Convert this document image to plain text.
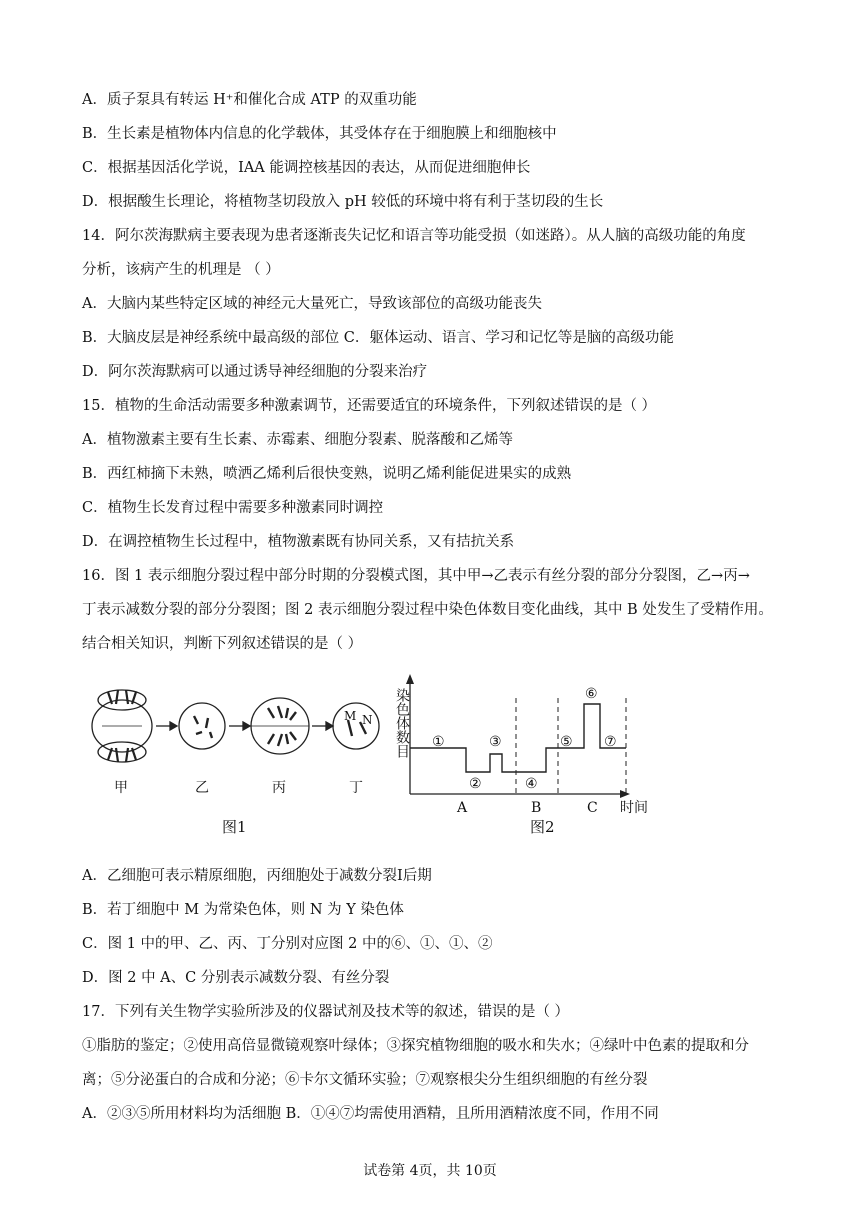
A．质子泵具有转运 H⁺和催化合成 ATP 的双重功能
B．生长素是植物体内信息的化学载体，其受体存在于细胞膜上和细胞核中
C．根据基因活化学说，IAA 能调控核基因的表达，从而促进细胞伸长
D．根据酸生长理论，将植物茎切段放入 pH 较低的环境中将有利于茎切段的生长
14．阿尔茨海默病主要表现为患者逐渐丧失记忆和语言等功能受损（如迷路）。从人脑的高级功能的角度
分析，该病产生的机理是 （ ）
A．大脑内某些特定区域的神经元大量死亡，导致该部位的高级功能丧失
B．大脑皮层是神经系统中最高级的部位 C．躯体运动、语言、学习和记忆等是脑的高级功能
D．阿尔茨海默病可以通过诱导神经细胞的分裂来治疗
15．植物的生命活动需要多种激素调节，还需要适宜的环境条件，下列叙述错误的是（ ）
A．植物激素主要有生长素、赤霉素、细胞分裂素、脱落酸和乙烯等
B．西红柿摘下未熟，喷洒乙烯利后很快变熟，说明乙烯利能促进果实的成熟
C．植物生长发育过程中需要多种激素同时调控
D．在调控植物生长过程中，植物激素既有协同关系，又有拮抗关系
16．图 1 表示细胞分裂过程中部分时期的分裂模式图，其中甲→乙表示有丝分裂的部分分裂图，乙→丙→
丁表示减数分裂的部分分裂图；图 2 表示细胞分裂过程中染色体数目变化曲线，其中 B 处发生了受精作用。
结合相关知识，判断下列叙述错误的是（ ）
M N
甲	乙	丙	丁
图1
染色体数目 ①
②
③
④
⑤
⑥
⑦
A	B	C 时间
图2
A．乙细胞可表示精原细胞，丙细胞处于减数分裂Ⅰ后期
B．若丁细胞中 M 为常染色体，则 N 为 Y 染色体
C．图 1 中的甲、乙、丙、丁分别对应图 2 中的⑥、①、①、②
D．图 2 中 A、C 分别表示减数分裂、有丝分裂
17．下列有关生物学实验所涉及的仪器试剂及技术等的叙述，错误的是（ ）
①脂肪的鉴定；②使用高倍显微镜观察叶绿体；③探究植物细胞的吸水和失水；④绿叶中色素的提取和分
离；⑤分泌蛋白的合成和分泌；⑥卡尔文循环实验；⑦观察根尖分生组织细胞的有丝分裂
A．②③⑤所用材料均为活细胞 B．①④⑦均需使用酒精，且所用酒精浓度不同，作用不同
试卷第 4页，共 10页
